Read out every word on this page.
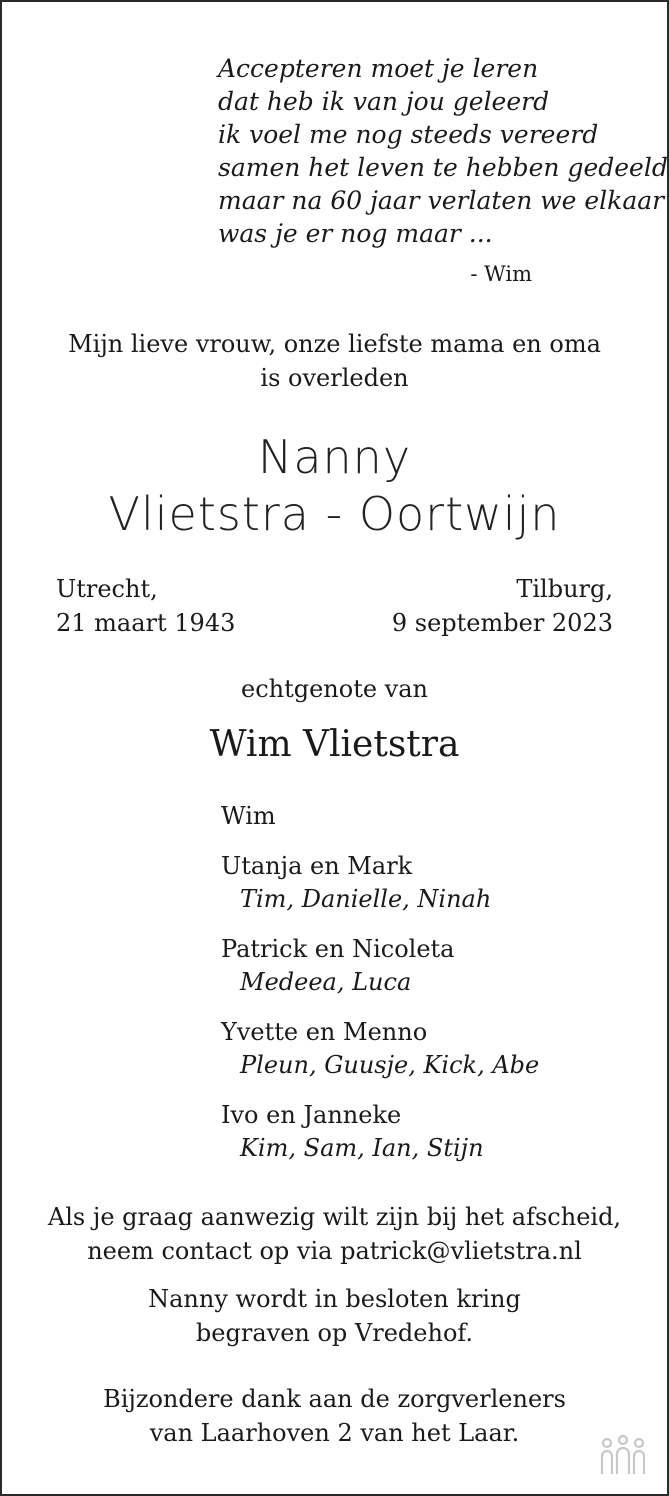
Accepteren moet je leren
dat heb ik van jou geleerd
ik voel me nog steeds vereerd
samen het leven te hebben gedeeld
maar na 60 jaar verlaten we elkaar
was je er nog maar ...
- Wim
Mijn lieve vrouw, onze liefste mama en oma
is overleden
Nanny
Vlietstra - Oortwijn
Utrecht,
21 maart 1943
Tilburg,
9 september 2023
echtgenote van
Wim Vlietstra
Wim
Utanja en Mark
Tim, Danielle, Ninah
Patrick en Nicoleta
Medeea, Luca
Yvette en Menno
Pleun, Guusje, Kick, Abe
Ivo en Janneke
Kim, Sam, Ian, Stijn
Als je graag aanwezig wilt zijn bij het afscheid,
neem contact op via patrick@vlietstra.nl
Nanny wordt in besloten kring
begraven op Vredehof.
Bijzondere dank aan de zorgverleners
van Laarhoven 2 van het Laar.
